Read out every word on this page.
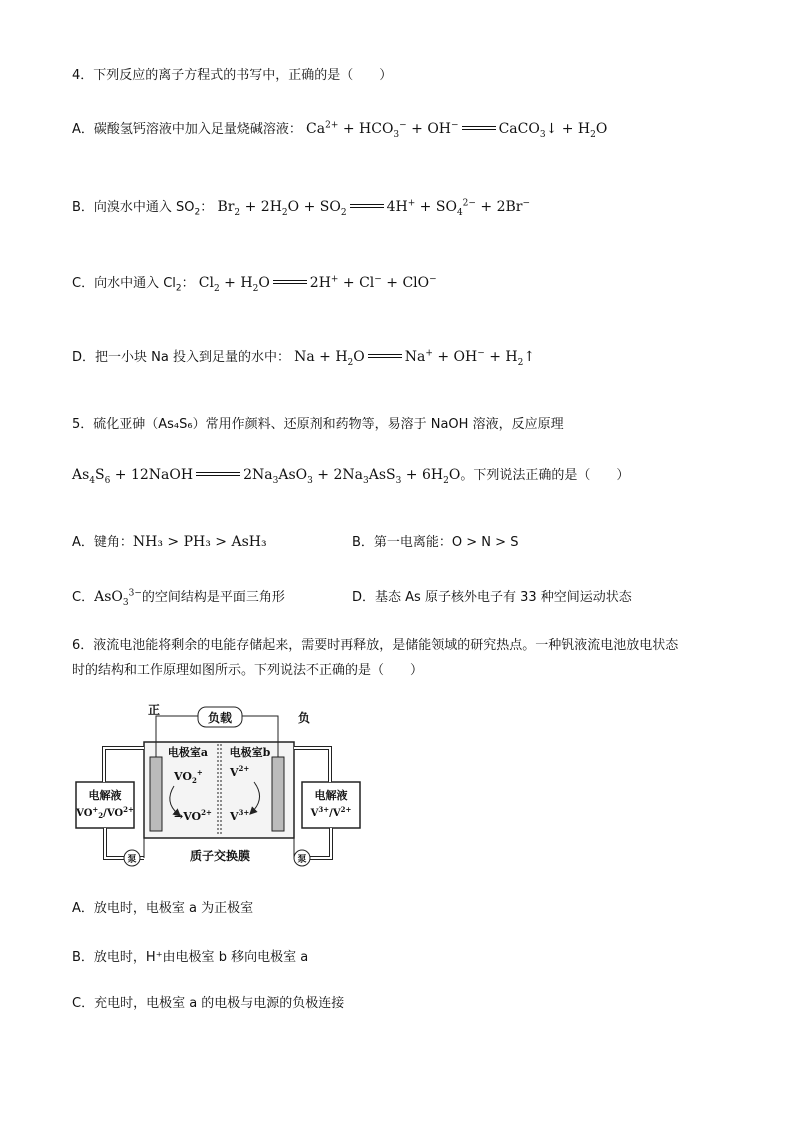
4．下列反应的离子方程式的书写中，正确的是（　　）
A．碳酸氢钙溶液中加入足量烧碱溶液： $Ca^{2+} + HCO_3^- + OH^-$	CaCO$_3$↓ + $H_2O$
B．向溴水中通入 $SO_2$： $Br_2 + 2H_2O + SO_2$	$4H^+ + SO_4^{2-} + 2Br^-$
C．向水中通入 $Cl_2$： $Cl_2 + H_2O$	2H+ + Cl− + ClO−
D．把一小块 Na 投入到足量的水中： $Na + H_2O$	$Na^+ + OH^- + H_2↑$
5．硫化亚砷（As₄S₆）常用作颜料、还原剂和药物等，易溶于 NaOH 溶液，反应原理
$As_4S_6$ + 12NaOH	$2Na_3AsO_3 + 2Na_3AsS_3 + 6H_2O$。下列说法正确的是（　　）
A．键角：NH₃ > PH₃ > AsH₃	B．第一电离能：O > N > S
C．AsO$_3^{3-}$的空间结构是平面三角形	D．基态 As 原子核外电子有 33 种空间运动状态
6．液流电池能将剩余的电能存储起来，需要时再释放，是储能领域的研究热点。一种钒液流电池放电状态
时的结构和工作原理如图所示。下列说法不正确的是（　　）
负载
正
负
电极室a 电极室b
$VO_2^+$
$\to VO^{2+}$
$V^{2+}$
$V^{3+}$
电解液
$VO^+_2/VO^{2+}$
电解液
$V^{3+}/V^{2+}$
泵	泵
质子交换膜
A．放电时，电极室 a 为正极室
B．放电时，H⁺由电极室 b 移向电极室 a
C．充电时，电极室 a 的电极与电源的负极连接
